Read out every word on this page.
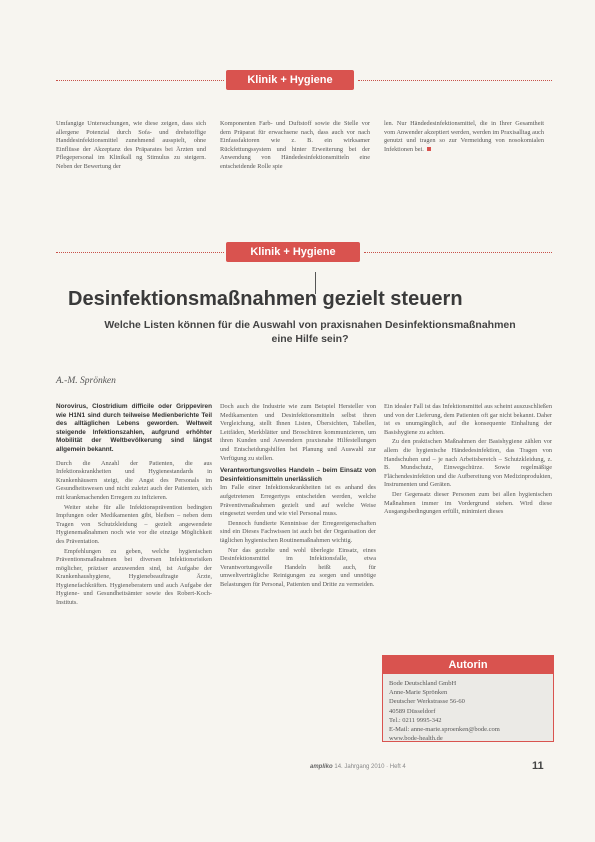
Klinik + Hygiene

Umfangige Untersuchungen, wie diese zeigen, dass sich allergene Potenzial durch Sofa- und drehstoffige Handdesinfektionsmittel zunehmend ausspielt, ohne Einflüsse der Akzeptanz des Präparates bei Ärzten und Pflegepersonal im Klinikall ng Stimulus zu steigern. Neben der Bewertung der

Komponenten Farb- und Duftstoff sowie die Stelle vor dem Präparat für erwachsene nach, dass auch vor nach Einfassfaktoren wie z. B. ein wirksamer Rückfettungssystem und hinter Erweiterung bei der Anwendung von Händedesinfektionsmitteln eine entscheidende Rolle spie

len. Nur Händedesinfektionsmittel, die in Ihrer Gesamtheit vom Anwender akzeptiert werden, werden im Praxisalltag auch genutzt und tragen so zur Vermeidung von nosokomialen Infektionen bei.

Klinik + Hygiene
Desinfektionsmaßnahmen gezielt steuern
Welche Listen können für die Auswahl von praxisnahen Desinfektionsmaßnahmen eine Hilfe sein?
A.-M. Sprönken
Norovirus, Clostridium difficile oder Grippeviren wie H1N1 sind durch teilweise Medienberichte Teil des alltäglichen Lebens geworden. Weltweit steigende Infektionszahlen, aufgrund erhöhter Mobilität der Weltbevölkerung sind längst allgemein bekannt.

Durch die Anzahl der Patienten, die aus Infektionskrankheiten und Hygienestandards in Krankenhäusern steigt, die Angst des Personals im Gesundheitswesen und nicht zuletzt auch der Patienten, sich mit krankmachenden Erregern zu infizieren.

Weiter stehe für alle Infektionsprävention bedingten Impfungen oder Medikamenten gibt, bleiben – neben dem Tragen von Schutzkleidung – gezielt angewendete Hygienemaßnahmen noch wie vor die einzige Möglichkeit des Präventation.

Empfehlungen zu geben, welche hygienischen Präventionsmaßnahmen bei diversen Infektionsrisiken möglicher, präziser anzuwenden sind, ist Aufgabe der Krankenhaushygiene, Hygienebeauftragte Ärzte, Hygienefachkräften. Hygieneberatern und auch Aufgabe der Hygiene- und Gesundheitsämter sowie des Robert-Koch-Instituts.

Doch auch die Industrie wie zum Beispiel Hersteller von Medikamenten und Desinfektionsmitteln selbst ihren Vergleichung, stellt Ihnen Listen, Übersichten, Tabellen, Leitfäden, Merkblätter und Broschüren kommunizieren, um ihren Kunden und Anwendern praxisnahe Hilfestellungen und Entscheidungshilfen bei Planung und Auswahl zur Verfügung zu stellen.

Verantwortungsvolles Handeln – beim Einsatz von Desinfektionsmitteln unerlässlich

Im Falle einer Infektionskrankheiten ist es anhand des aufgetretenen Erregertyps entscheiden werden, welche Präventivmaßnahmen gezielt und auf welche Weise eingesetzt werden und wie viel Personal muss.

Dennoch fundierte Kenntnisse der Erregereigenschaften sind ein Dieses Fachwissen ist auch bei der Organisation der täglichen hygienischen Routinemaßnahmen wichtig.

Nur das gezielte und wohl überlegte Einsatz, eines Desinfektionsmittel im Infektionsfalle, etwa Verantwortungsvolle Handeln heißt auch, für umweltverträgliche Reinigungen zu sorgen und unnötige Belastungen für Personal, Patienten und Dritte zu vermeiden.

Ein idealer Fall ist das Infektionsmittel aus scheint auszuschließen und von der Lieferung, dem Patienten oft gar nicht bekannt. Daher ist es unumgänglich, auf die konsequente Einhaltung der Basishygiene zu achten.

Zu den praktischen Maßnahmen der Basishygiene zählen vor allem die hygienische Händedesinfektion, das Tragen von Handschuhen und – je nach Arbeitsbereich – Schutzkleidung, z. B. Mundschutz, Einwegschürze. Sowie regelmäßige Flächendesinfektion und die Aufbereitung von Medizinprodukten, Instrumenten und Geräten.

Der Gegensatz dieser Personen zum bei allen hygienischen Maßnahmen immer im Vordergrund stehen. Wird diese Ausgangsbedingungen erfüllt, minimiert dieses

Autorin
Bode Deutschland GmbH
Anne-Marie Sprönken
Deutscher Werkstrasse 56-60
40589 Düsseldorf
Tel.: 0211 9995-342
E-Mail: anne-marie.sproenken@bode.com
www.bode-health.de
ampliko 14. Jahrgang 2010 · Heft 4	11
